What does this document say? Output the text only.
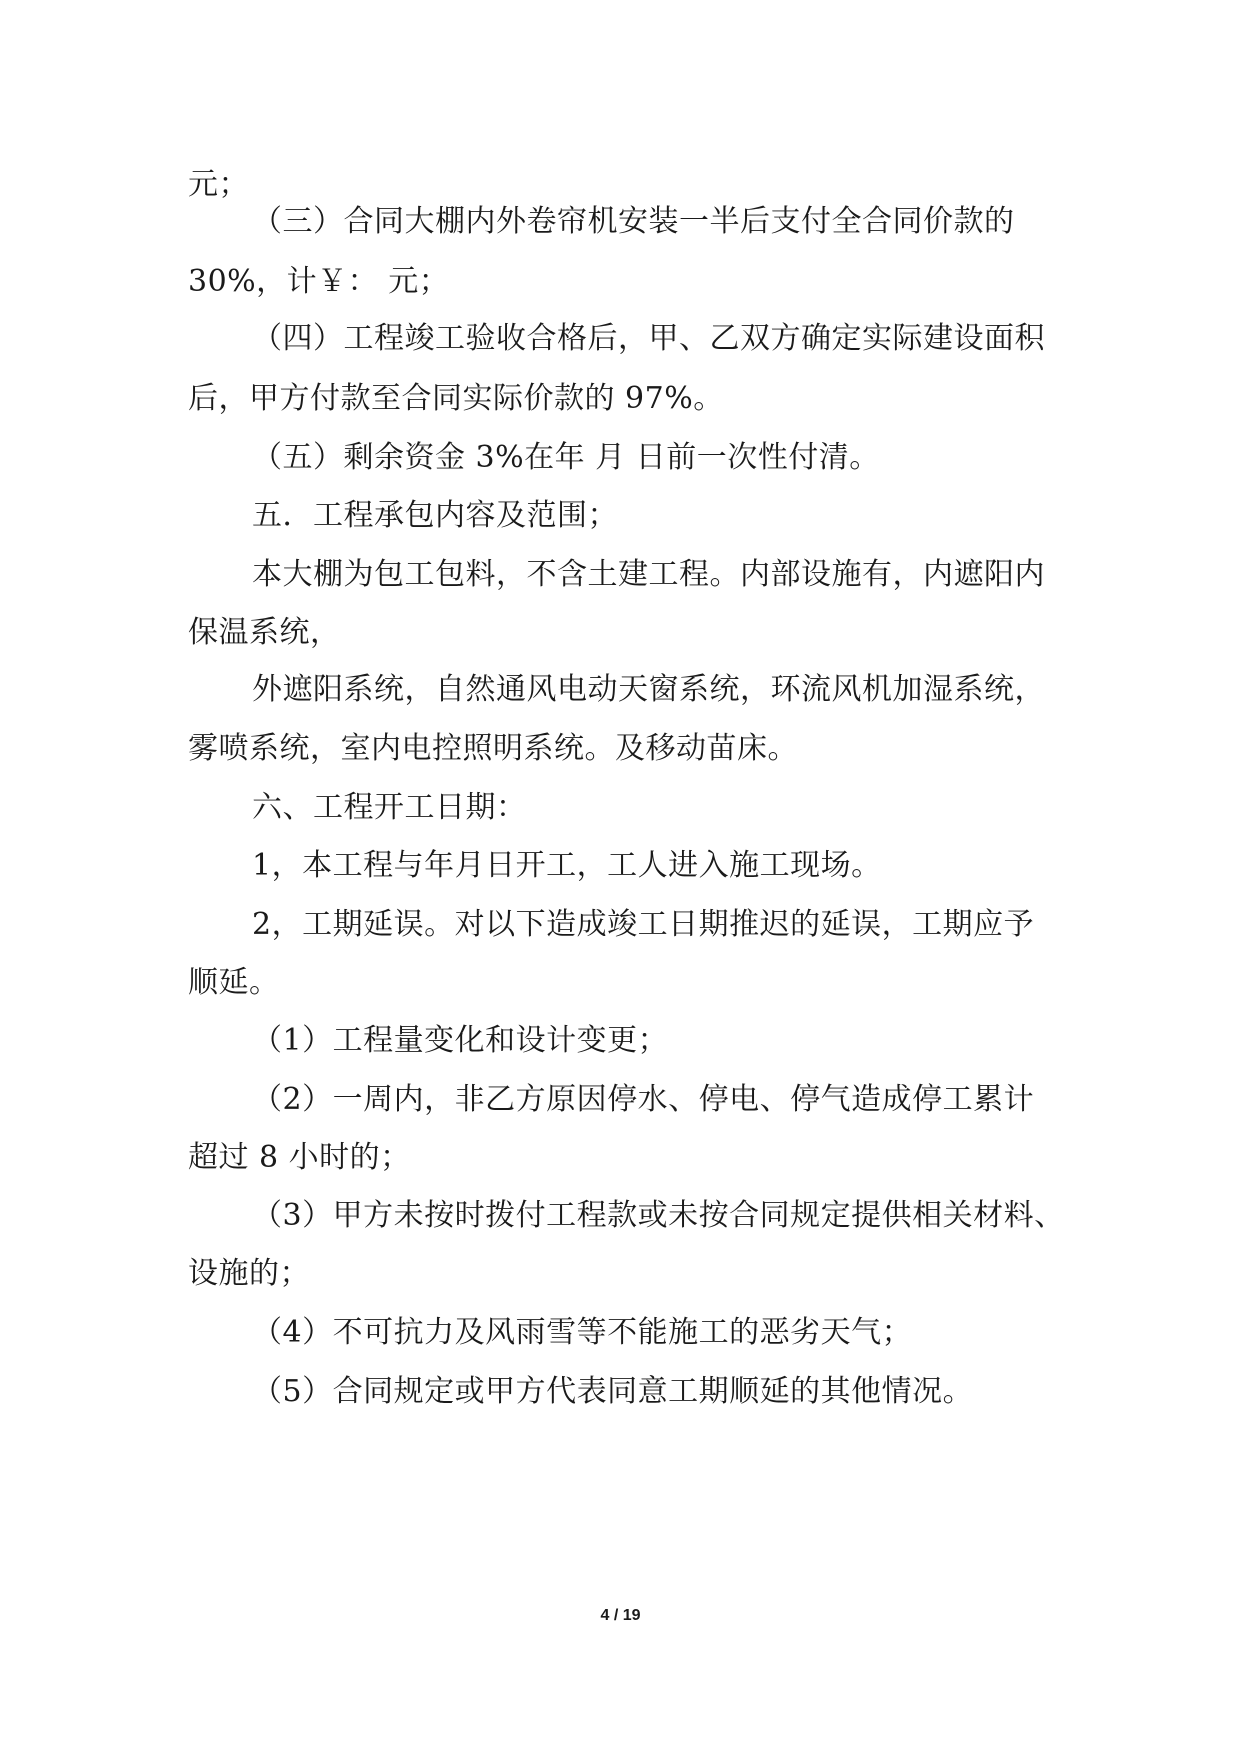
元；
（三）合同大棚内外卷帘机安装一半后支付全合同价款的
30%，计￥： 元；
（四）工程竣工验收合格后，甲、乙双方确定实际建设面积
后，甲方付款至合同实际价款的 97%。
（五）剩余资金 3%在年 月 日前一次性付清。
五．工程承包内容及范围；
本大棚为包工包料，不含土建工程。内部设施有，内遮阳内
保温系统，
外遮阳系统，自然通风电动天窗系统，环流风机加湿系统，
雾喷系统，室内电控照明系统。及移动苗床。
六、工程开工日期：
1，本工程与年月日开工，工人进入施工现场。
2，工期延误。对以下造成竣工日期推迟的延误，工期应予
顺延。
（1）工程量变化和设计变更；
（2）一周内，非乙方原因停水、停电、停气造成停工累计
超过 8 小时的；
（3）甲方未按时拨付工程款或未按合同规定提供相关材料、
设施的；
（4）不可抗力及风雨雪等不能施工的恶劣天气；
（5）合同规定或甲方代表同意工期顺延的其他情况。
4 / 19
